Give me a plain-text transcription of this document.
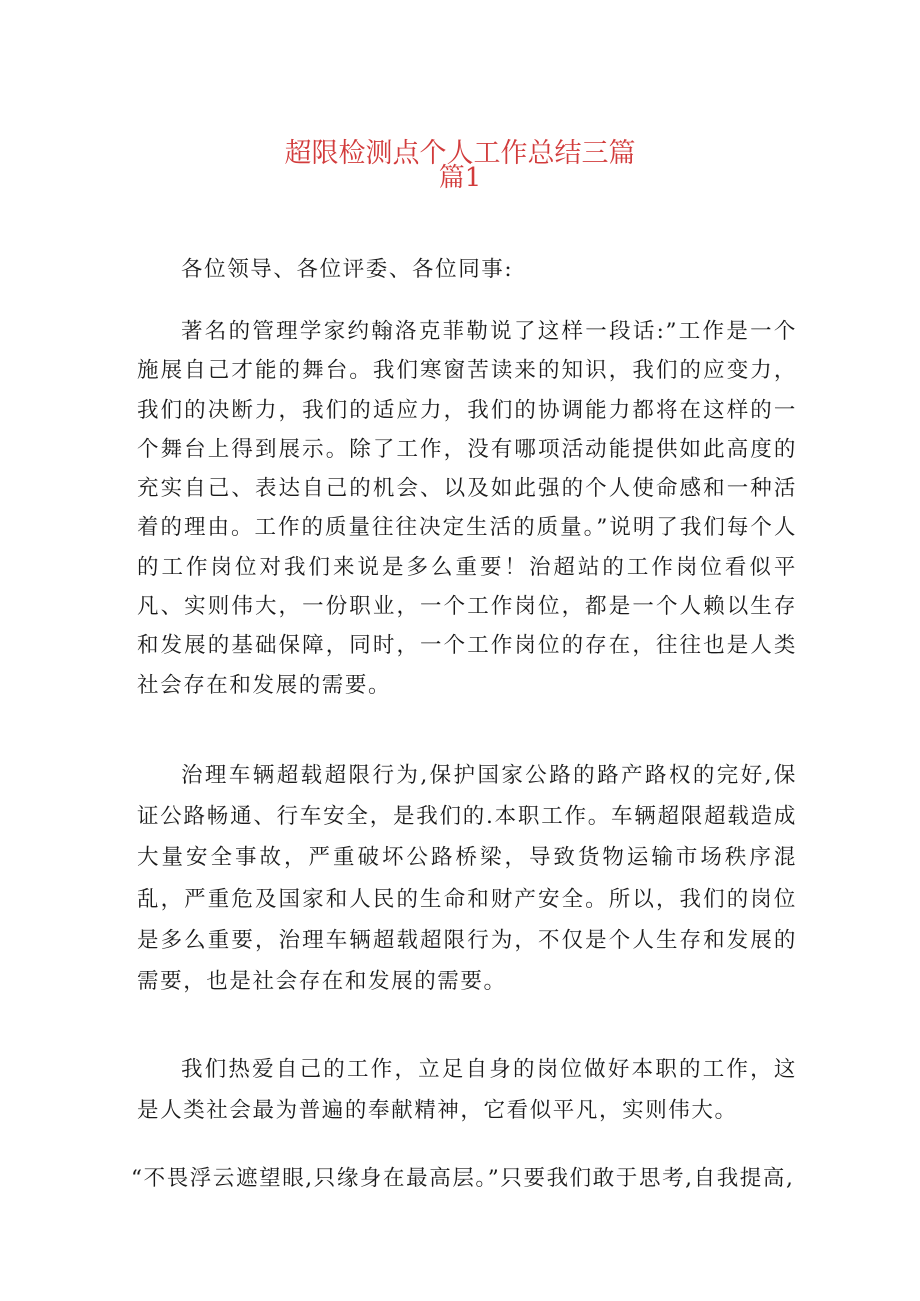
超限检测点个人工作总结三篇
篇1

各位领导、各位评委、各位同事:

著名的管理学家约翰洛克菲勒说了这样一段话:”工作是一个施展自己才能的舞台。我们寒窗苦读来的知识，我们的应变力，我们的决断力，我们的适应力，我们的协调能力都将在这样的一个舞台上得到展示。除了工作，没有哪项活动能提供如此高度的充实自己、表达自己的机会、以及如此强的个人使命感和一种活着的理由。工作的质量往往决定生活的质量。”说明了我们每个人的工作岗位对我们来说是多么重要！治超站的工作岗位看似平凡、实则伟大，一份职业，一个工作岗位，都是一个人赖以生存和发展的基础保障，同时，一个工作岗位的存在，往往也是人类社会存在和发展的需要。

治理车辆超载超限行为,保护国家公路的路产路权的完好,保证公路畅通、行车安全，是我们的.本职工作。车辆超限超载造成大量安全事故，严重破坏公路桥梁，导致货物运输市场秩序混乱，严重危及国家和人民的生命和财产安全。所以，我们的岗位是多么重要，治理车辆超载超限行为，不仅是个人生存和发展的需要，也是社会存在和发展的需要。

我们热爱自己的工作，立足自身的岗位做好本职的工作，这是人类社会最为普遍的奉献精神，它看似平凡，实则伟大。

“不畏浮云遮望眼,只缘身在最高层。”只要我们敢于思考,自我提高,
